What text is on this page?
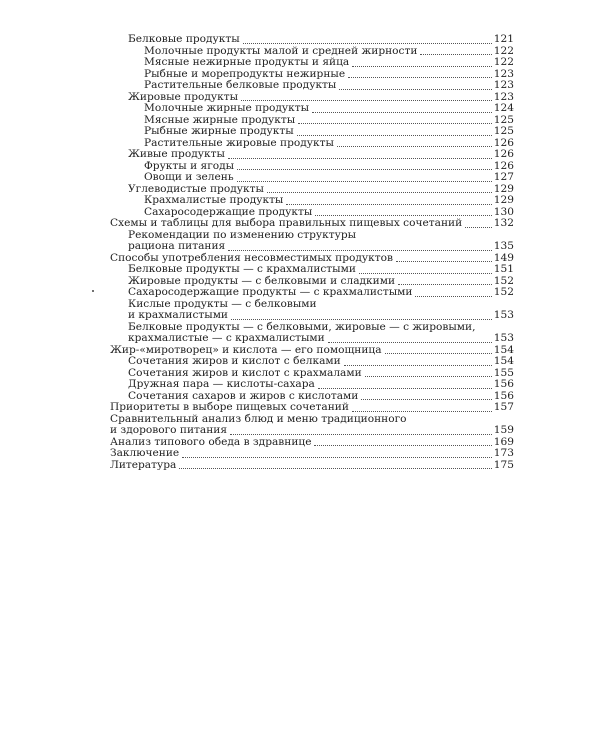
Белковые продукты	121
Молочные продукты малой и средней жирности	122
Мясные нежирные продукты и яйца	122
Рыбные и морепродукты нежирные	123
Растительные белковые продукты	123
Жировые продукты	123
Молочные жирные продукты	124
Мясные жирные продукты	125
Рыбные жирные продукты	125
Растительные жировые продукты	126
Живые продукты	126
Фрукты и ягоды	126
Овощи и зелень	127
Углеводистые продукты	129
Крахмалистые продукты	129
Сахаросодержащие продукты	130
Схемы и таблицы для выбора правильных пищевых сочетаний	132
Рекомендации по изменению структуры
рациона питания	135
Способы употребления несовместимых продуктов	149
Белковые продукты — с крахмалистыми	151
Жировые продукты — с белковыми и сладкими	152
Сахаросодержащие продукты — с крахмалистыми	152
Кислые продукты — с белковыми
и крахмалистыми	153
Белковые продукты — с белковыми, жировые — с жировыми,
крахмалистые — с крахмалистыми	153
Жир-«миротворец» и кислота — его помощница	154
Сочетания жиров и кислот с белками	154
Сочетания жиров и кислот с крахмалами	155
Дружная пара — кислоты-сахара	156
Сочетания сахаров и жиров с кислотами	156
Приоритеты в выборе пищевых сочетаний	157
Сравнительный анализ блюд и меню традиционного
и здорового питания	159
Анализ типового обеда в здравнице	169
Заключение	173
Литература	175
